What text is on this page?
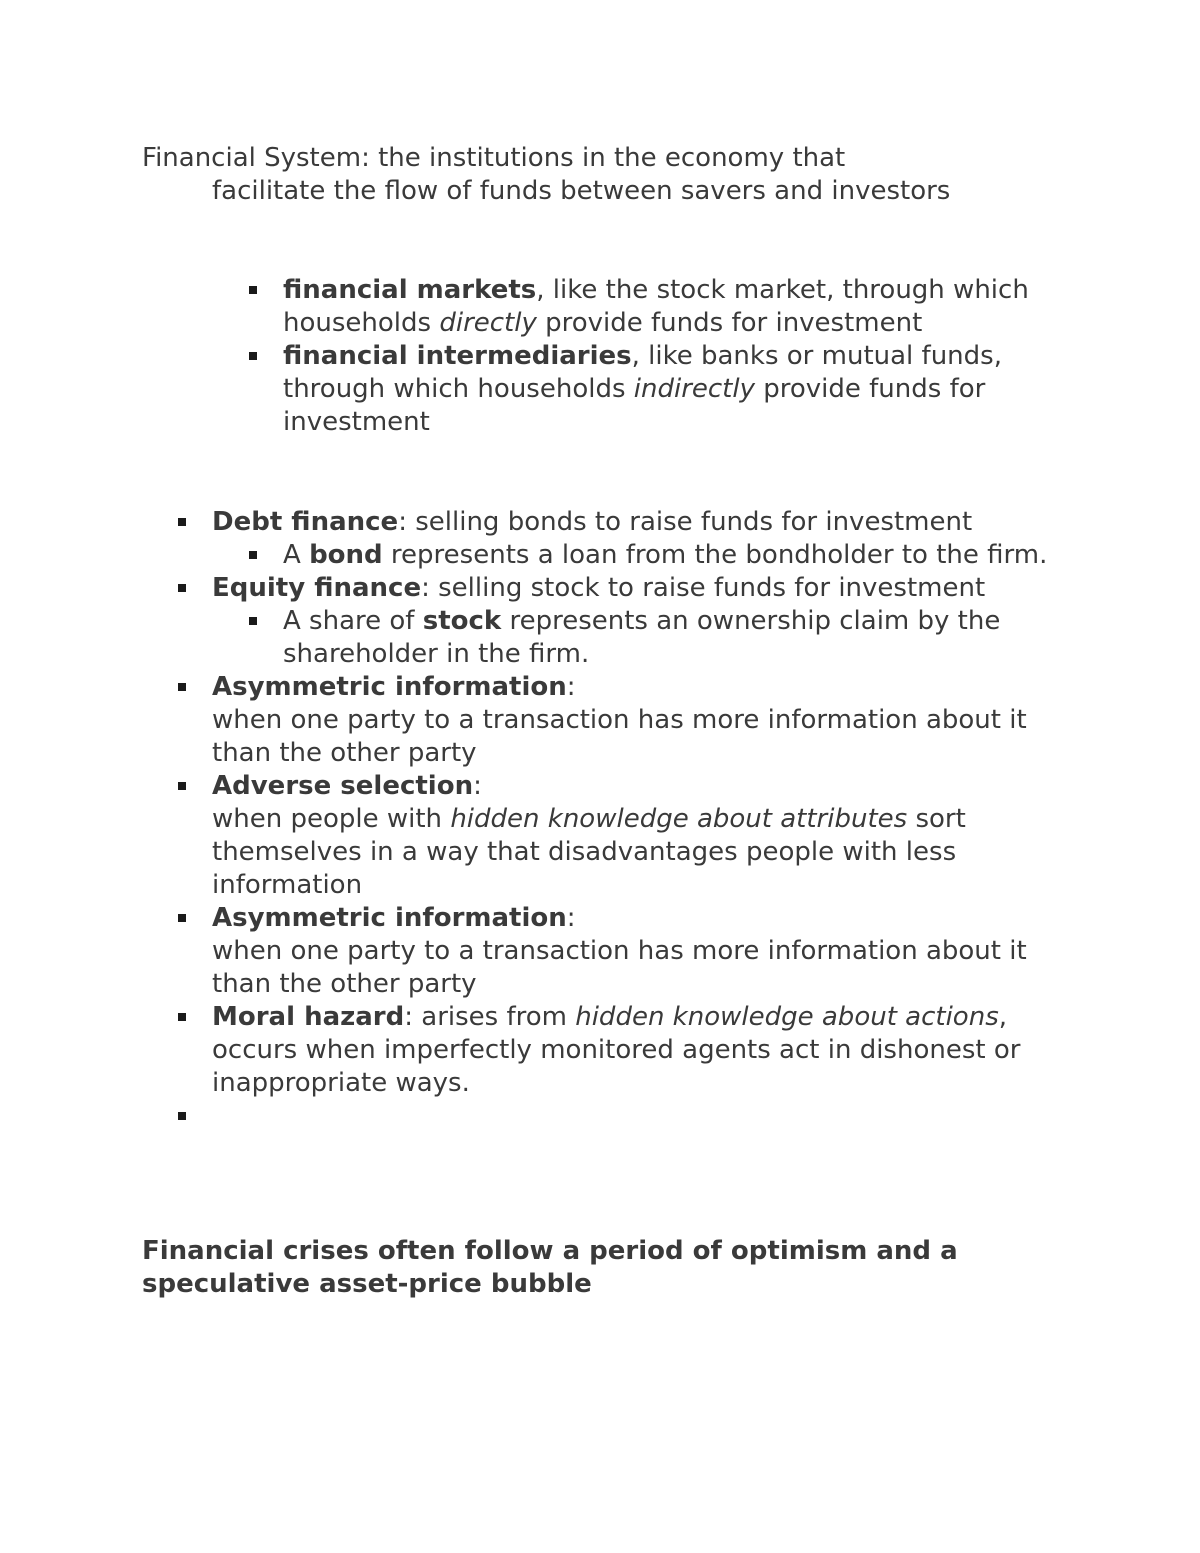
Financial System: the institutions in the economy that
facilitate the flow of funds between savers and investors

financial markets, like the stock market, through which households directly provide funds for investment
financial intermediaries, like banks or mutual funds, through which households indirectly provide funds for investment
Debt finance: selling bonds to raise funds for investment
A bond represents a loan from the bondholder to the firm.
Equity finance: selling stock to raise funds for investment
A share of stock represents an ownership claim by the shareholder in the firm.
Asymmetric information:
when one party to a transaction has more information about it than the other party
Adverse selection:
when people with hidden knowledge about attributes sort themselves in a way that disadvantages people with less information
Asymmetric information:
when one party to a transaction has more information about it than the other party
Moral hazard: arises from hidden knowledge about actions, occurs when imperfectly monitored agents act in dishonest or inappropriate ways.

Financial crises often follow a period of optimism and a speculative asset-price bubble
